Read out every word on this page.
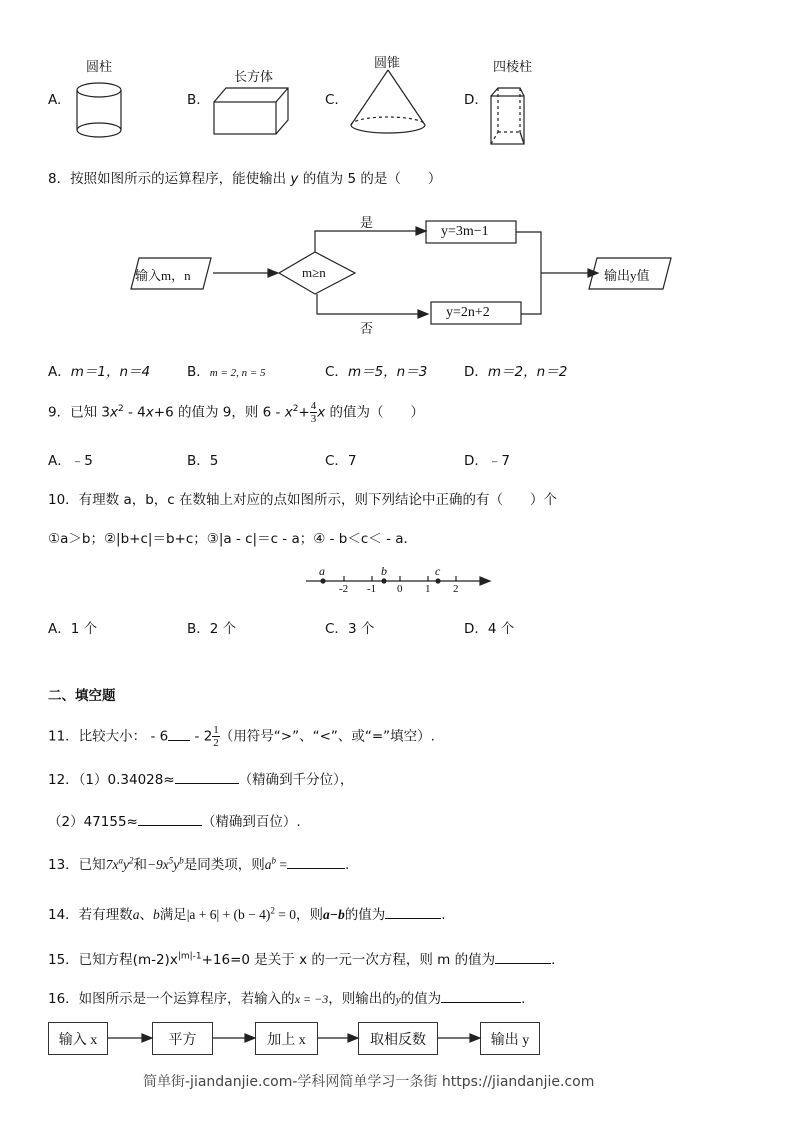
A.
圆柱
B.
长方体
C.
圆锥
D.
四棱柱
8．按照如图所示的运算程序，能使输出 y 的值为 5 的是（　　）
输入m，n	m≥n
是
否
y=3m−1
y=2n+2
输出y值
A．m＝1，n＝4	B．m = 2, n = 5	C．m＝5，n＝3	D．m＝2，n＝2
9．已知 $3x^2 - 4x+6$ 的值为 9，则 $6 - x^2+ \frac{4}{3}$ x 的值为（　　）
A．﹣5	B．5	C．7	D．﹣7
10．有理数 a，b，c 在数轴上对应的点如图所示，则下列结论中正确的有（　　）个
①a＞b；②|b+c|＝b+c；③|a - c|＝c - a；④ - b＜c＜ - a．
a	b	c
-2 -1 0 1 2
A．1 个	B．2 个	C．3 个	D．4 个
二、填空题
11．比较大小： - $6 - 2 \frac{1}{2}$ （用符号“>”、“<”、或“=”填空）.
12．（1）0.34028≈	（精确到千分位），
（2）47155≈	（精确到百位）.
13．已知$7x^ay^2$和$-9x^5y^b$是同类项，则$a^b$ =	.
14．若有理数a、b满足$|a + 6| + (b - 4)^2 = 0$，则a−b的值为	.
15．已知方程$(m-2)x^{|m|-1}+16=0$ 是关于 x 的一元一次方程，则 m 的值为	.
16．如图所示是一个运算程序，若输入的x = −3，则输出的y的值为	.
输入 x	平方	加上 x	取相反数	输出 y
简单街-jiandanjie.com-学科网简单学习一条街 https://jiandanjie.com
